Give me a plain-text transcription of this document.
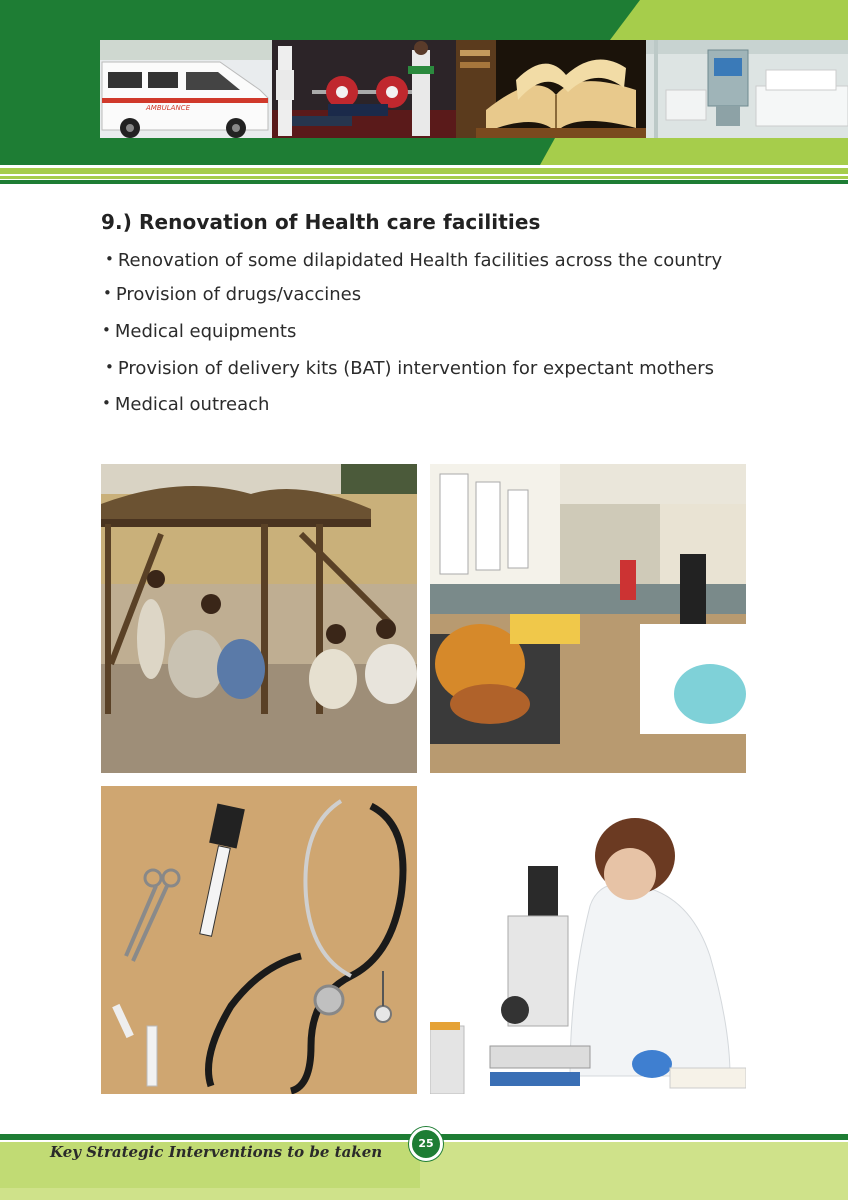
AMBULANCE
9.) Renovation of Health care facilities
• Renovation of some dilapidated Health facilities across the country
• Provision of drugs/vaccines
• Medical equipments
• Provision of delivery kits (BAT) intervention for expectant mothers
• Medical outreach
Key Strategic Interventions to be taken	25
